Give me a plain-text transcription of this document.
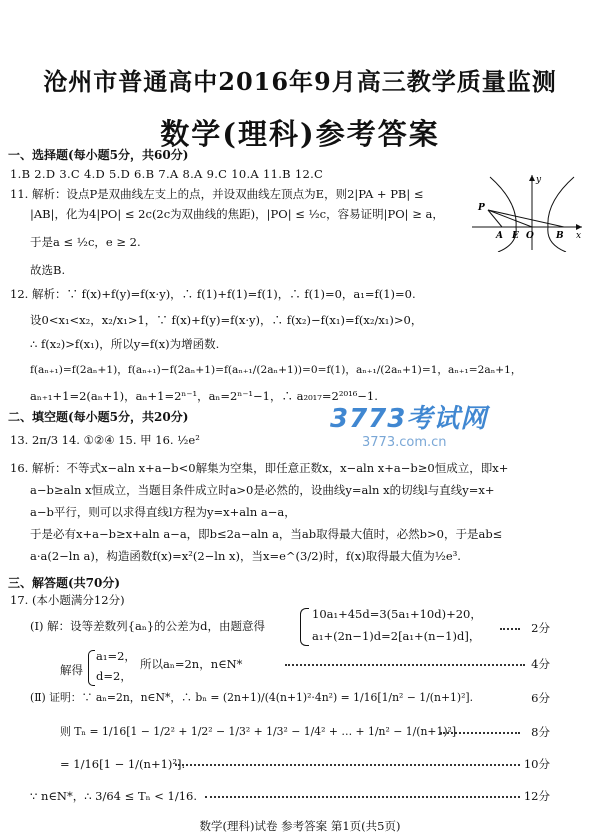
沧州市普通高中2016年9月高三教学质量监测
数学(理科)参考答案
一、选择题(每小题5分，共60分)
1.B 2.D 3.C 4.D 5.D 6.B 7.A 8.A 9.C 10.A 11.B 12.C
11. 解析：设点P是双曲线左支上的点，并设双曲线左顶点为E，则2|PA + PB| ≤
|AB|，化为4|PO| ≤ 2c(2c为双曲线的焦距)，|PO| ≤ ½c，容易证明|PO| ≥ a，
于是a ≤ ½c，e ≥ 2.
故选B.
y
P
A E O B x
12. 解析：∵ f(x)+f(y)=f(x·y)，∴ f(1)+f(1)=f(1)，∴ f(1)=0，a₁=f(1)=0.
设0<x₁<x₂，x₂/x₁>1，∵ f(x)+f(y)=f(x·y)，∴ f(x₂)−f(x₁)=f(x₂/x₁)>0，
∴ f(x₂)>f(x₁)，所以y=f(x)为增函数.
f(aₙ₊₁)=f(2aₙ+1)，f(aₙ₊₁)−f(2aₙ+1)=f(aₙ₊₁/(2aₙ+1))=0=f(1)，aₙ₊₁/(2aₙ+1)=1，aₙ₊₁=2aₙ+1，
aₙ₊₁+1=2(aₙ+1)，aₙ+1=2ⁿ⁻¹，aₙ=2ⁿ⁻¹−1，∴ a₂₀₁₇=2²⁰¹⁶−1.
3773考试网
3773.com.cn
二、填空题(每小题5分，共20分)
13. 2π/3 14. ①②④ 15. 甲 16. ½e²
16. 解析：不等式x−aln x+a−b<0解集为空集，即任意正数x，x−aln x+a−b≥0恒成立，即x+
a−b≥aln x恒成立，当题目条件成立时a>0是必然的，设曲线y=aln x的切线l与直线y=x+
a−b平行，则可以求得直线l方程为y=x+aln a−a，
于是必有x+a−b≥x+aln a−a，即b≤2a−aln a，当ab取得最大值时，必然b>0，于是ab≤
a·a(2−ln a)，构造函数f(x)=x²(2−ln x)，当x=e^(3/2)时，f(x)取得最大值为½e³.
三、解答题(共70分)
17. (本小题满分12分)
(Ⅰ) 解：设等差数列{aₙ}的公差为d，由题意得
10a₁+45d=3(5a₁+10d)+20，
a₁+(2n−1)d=2[a₁+(n−1)d]，
2分
解得
a₁=2，
d=2，
所以aₙ=2n，n∈N*	4分
(Ⅱ) 证明：∵ aₙ=2n，n∈N*，∴ bₙ = (2n+1)/(4(n+1)²·4n²) = 1/16[1/n² − 1/(n+1)²].	6分
则 Tₙ = 1/16[1 − 1/2² + 1/2² − 1/3² + 1/3² − 1/4² + … + 1/n² − 1/(n+1)²]	8分
= 1/16[1 − 1/(n+1)²].	10分
∵ n∈N*，∴ 3/64 ≤ Tₙ < 1/16.	12分
数学(理科)试卷 参考答案 第1页(共5页)
